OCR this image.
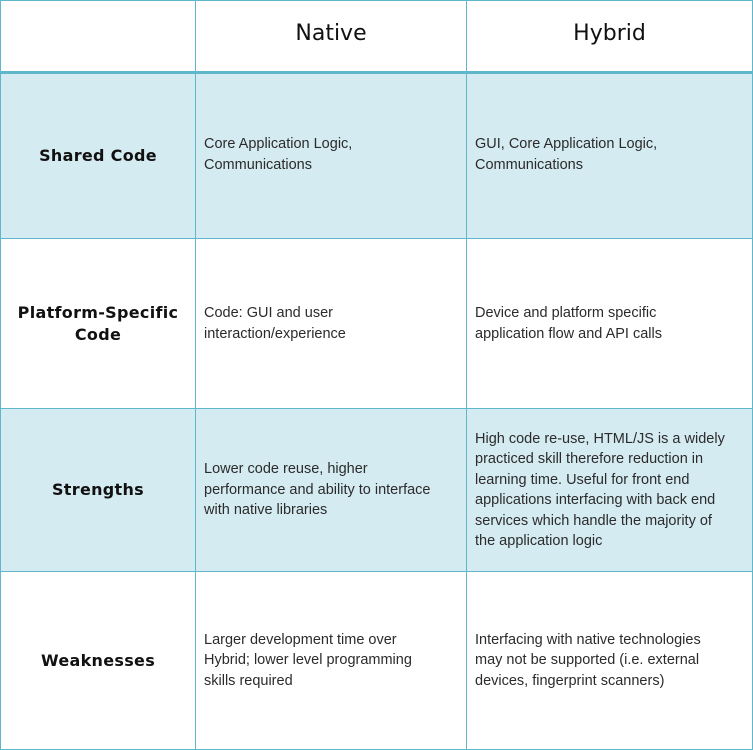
Native	Hybrid
Shared Code
Core Application Logic,
Communications
GUI, Core Application Logic,
Communications
Platform-Specific
Code
Code: GUI and user
interaction/experience
Device and platform specific
application flow and API calls
Strengths
Lower code reuse, higher
performance and ability to interface
with native libraries
High code re-use, HTML/JS is a widely
practiced skill therefore reduction in
learning time. Useful for front end
applications interfacing with back end
services which handle the majority of
the application logic
Weaknesses
Larger development time over
Hybrid; lower level programming
skills required
Interfacing with native technologies
may not be supported (i.e. external
devices, fingerprint scanners)
